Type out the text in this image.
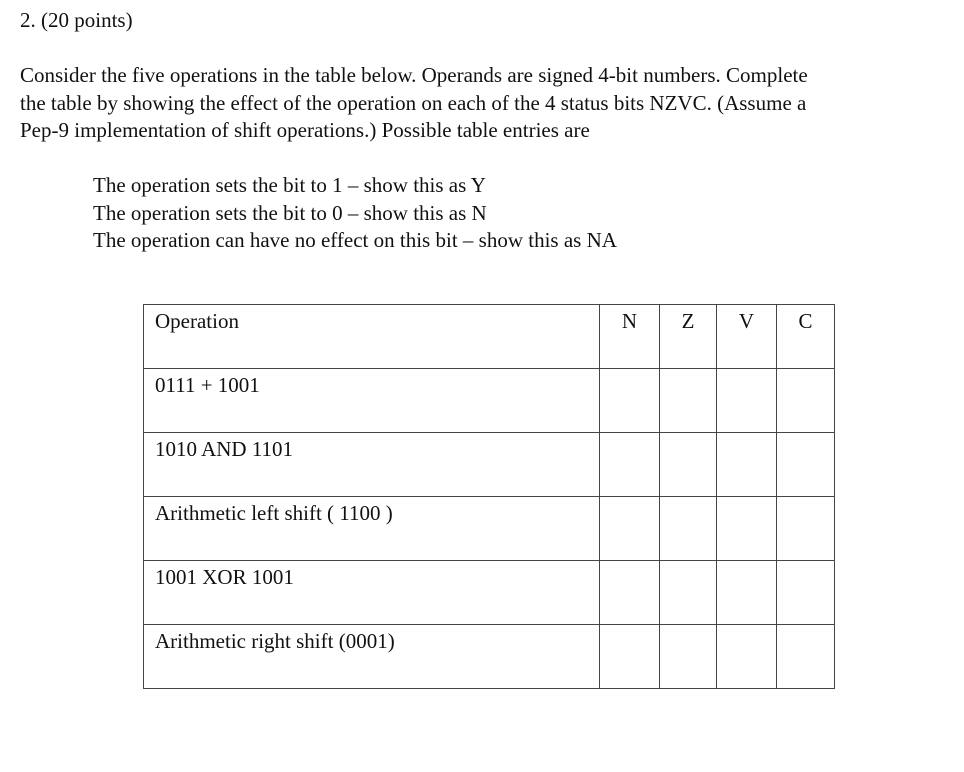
2. (20 points)

Consider the five operations in the table below. Operands are signed 4-bit numbers. Complete
the table by showing the effect of the operation on each of the 4 status bits NZVC. (Assume a
Pep-9 implementation of shift operations.) Possible table entries are

The operation sets the bit to 1 – show this as Y
The operation sets the bit to 0 – show this as N
The operation can have no effect on this bit – show this as NA

Operation	N	Z	V	C

0111 + 1001				

1010 AND 1101				

Arithmetic left shift ( 1100 )				

1001 XOR 1001				

Arithmetic right shift (0001)				
